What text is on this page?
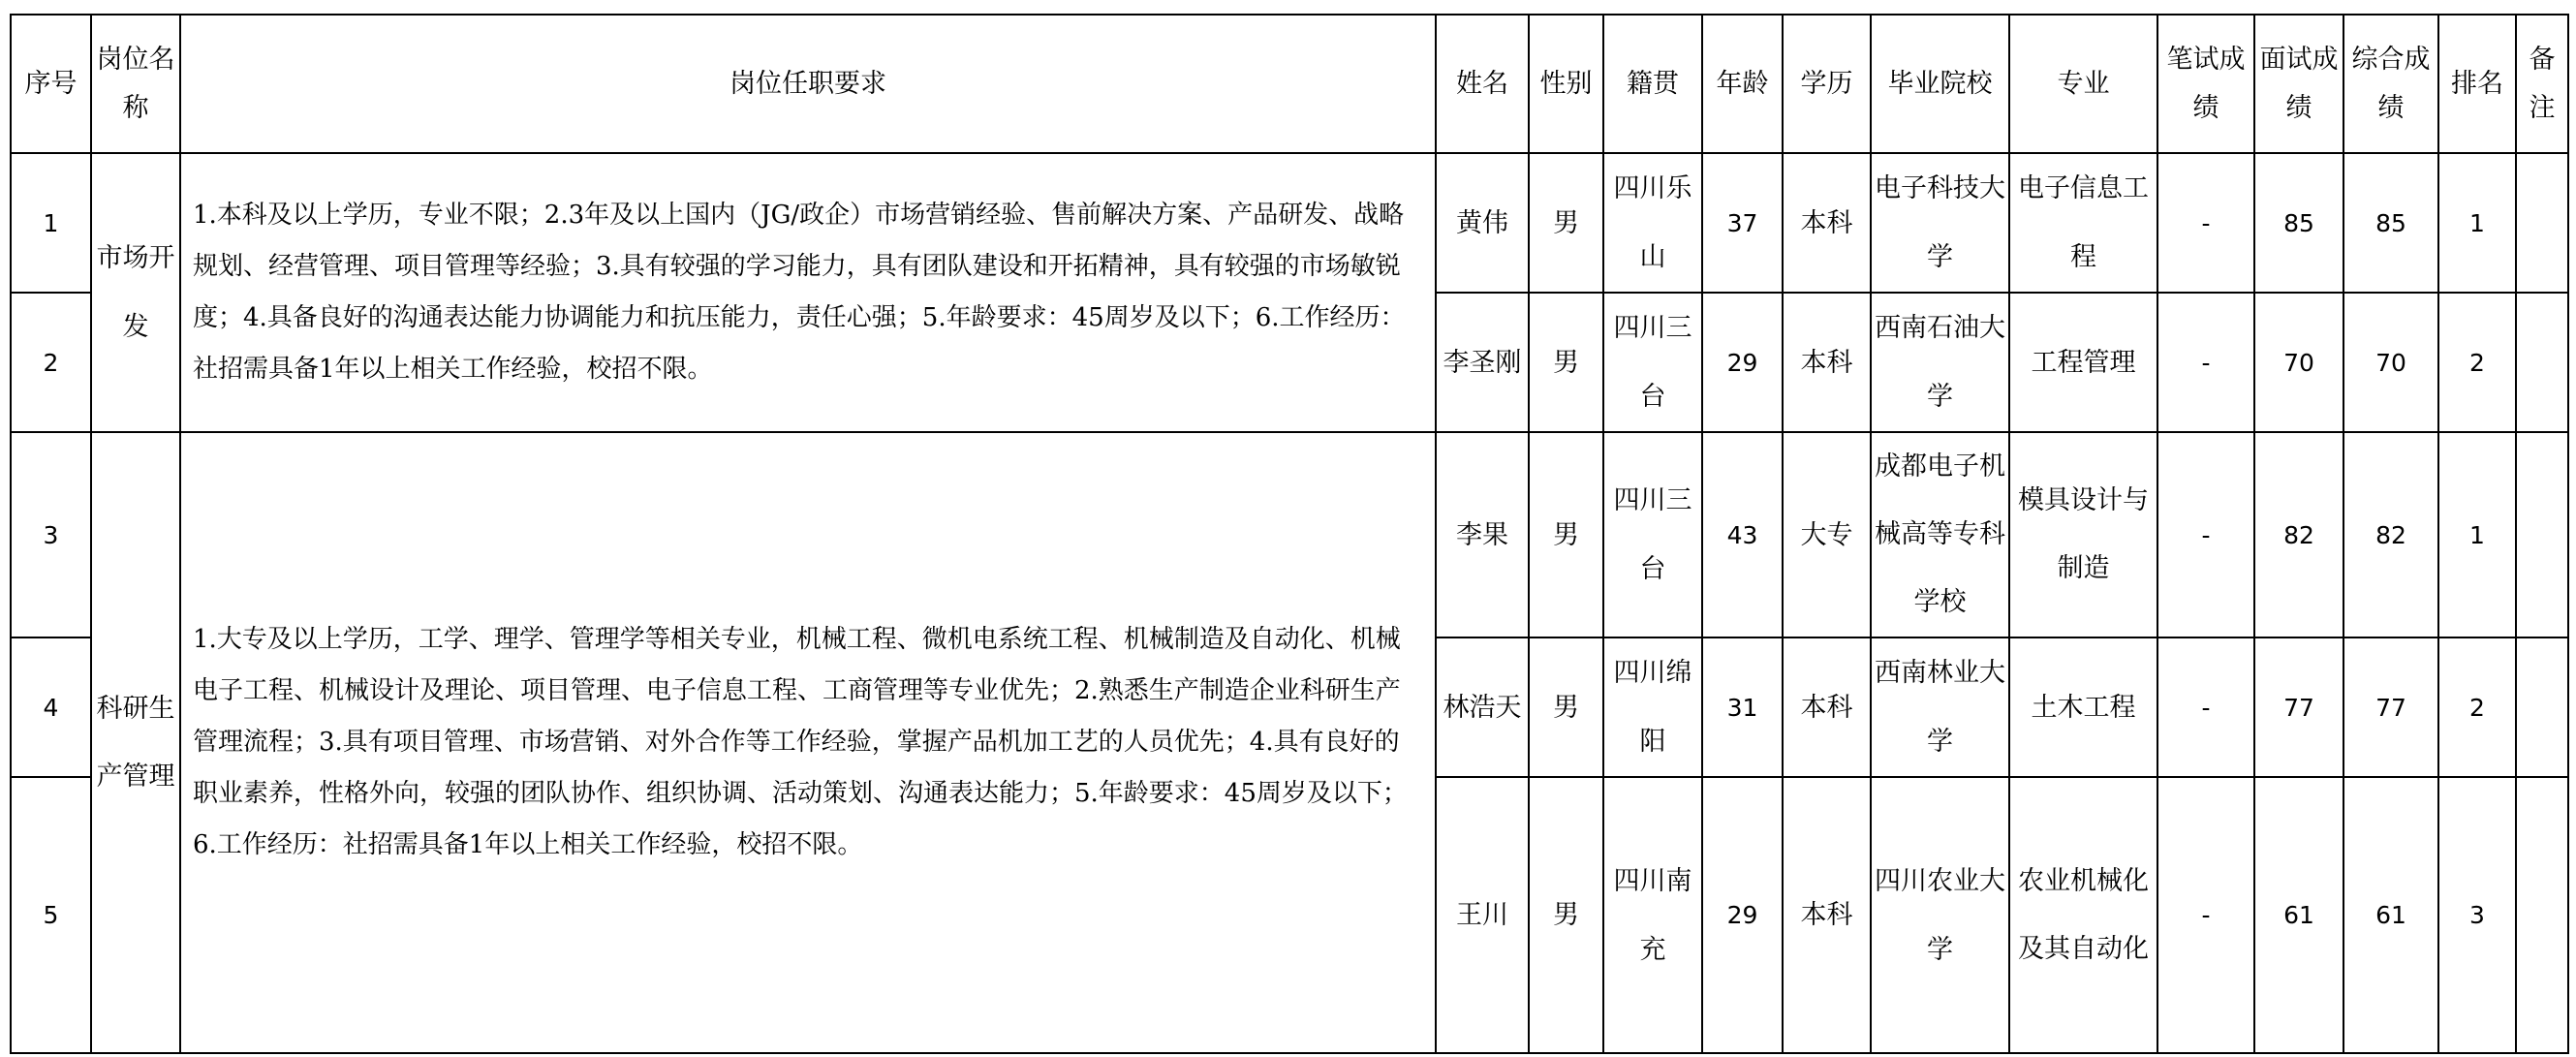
序号	岗位名称	岗位任职要求	姓名	性别	籍贯	年龄	学历	毕业院校	专业	笔试成绩	面试成绩	综合成绩	排名	备注
1	市场开发	1.本科及以上学历，专业不限；2.3年及以上国内（JG/政企）市场营销经验、售前解决方案、产品研发、战略规划、经营管理、项目管理等经验；3.具有较强的学习能力，具有团队建设和开拓精神，具有较强的市场敏锐度；4.具备良好的沟通表达能力协调能力和抗压能力，责任心强；5.年龄要求：45周岁及以下；6.工作经历：社招需具备1年以上相关工作经验，校招不限。	黄伟	男	四川乐山	37	本科	电子科技大学	电子信息工程	-	85	85	1	
2			李圣刚	男	四川三台	29	本科	西南石油大学	工程管理	-	70	70	2	
3	科研生产管理	1.大专及以上学历，工学、理学、管理学等相关专业，机械工程、微机电系统工程、机械制造及自动化、机械电子工程、机械设计及理论、项目管理、电子信息工程、工商管理等专业优先；2.熟悉生产制造企业科研生产管理流程；3.具有项目管理、市场营销、对外合作等工作经验，掌握产品机加工艺的人员优先；4.具有良好的职业素养，性格外向，较强的团队协作、组织协调、活动策划、沟通表达能力；5.年龄要求：45周岁及以下；6.工作经历：社招需具备1年以上相关工作经验，校招不限。	李果	男	四川三台	43	大专	成都电子机械高等专科学校	模具设计与制造	-	82	82	1	
4			林浩天	男	四川绵阳	31	本科	西南林业大学	土木工程	-	77	77	2	
5			王川	男	四川南充	29	本科	四川农业大学	农业机械化及其自动化	-	61	61	3	
